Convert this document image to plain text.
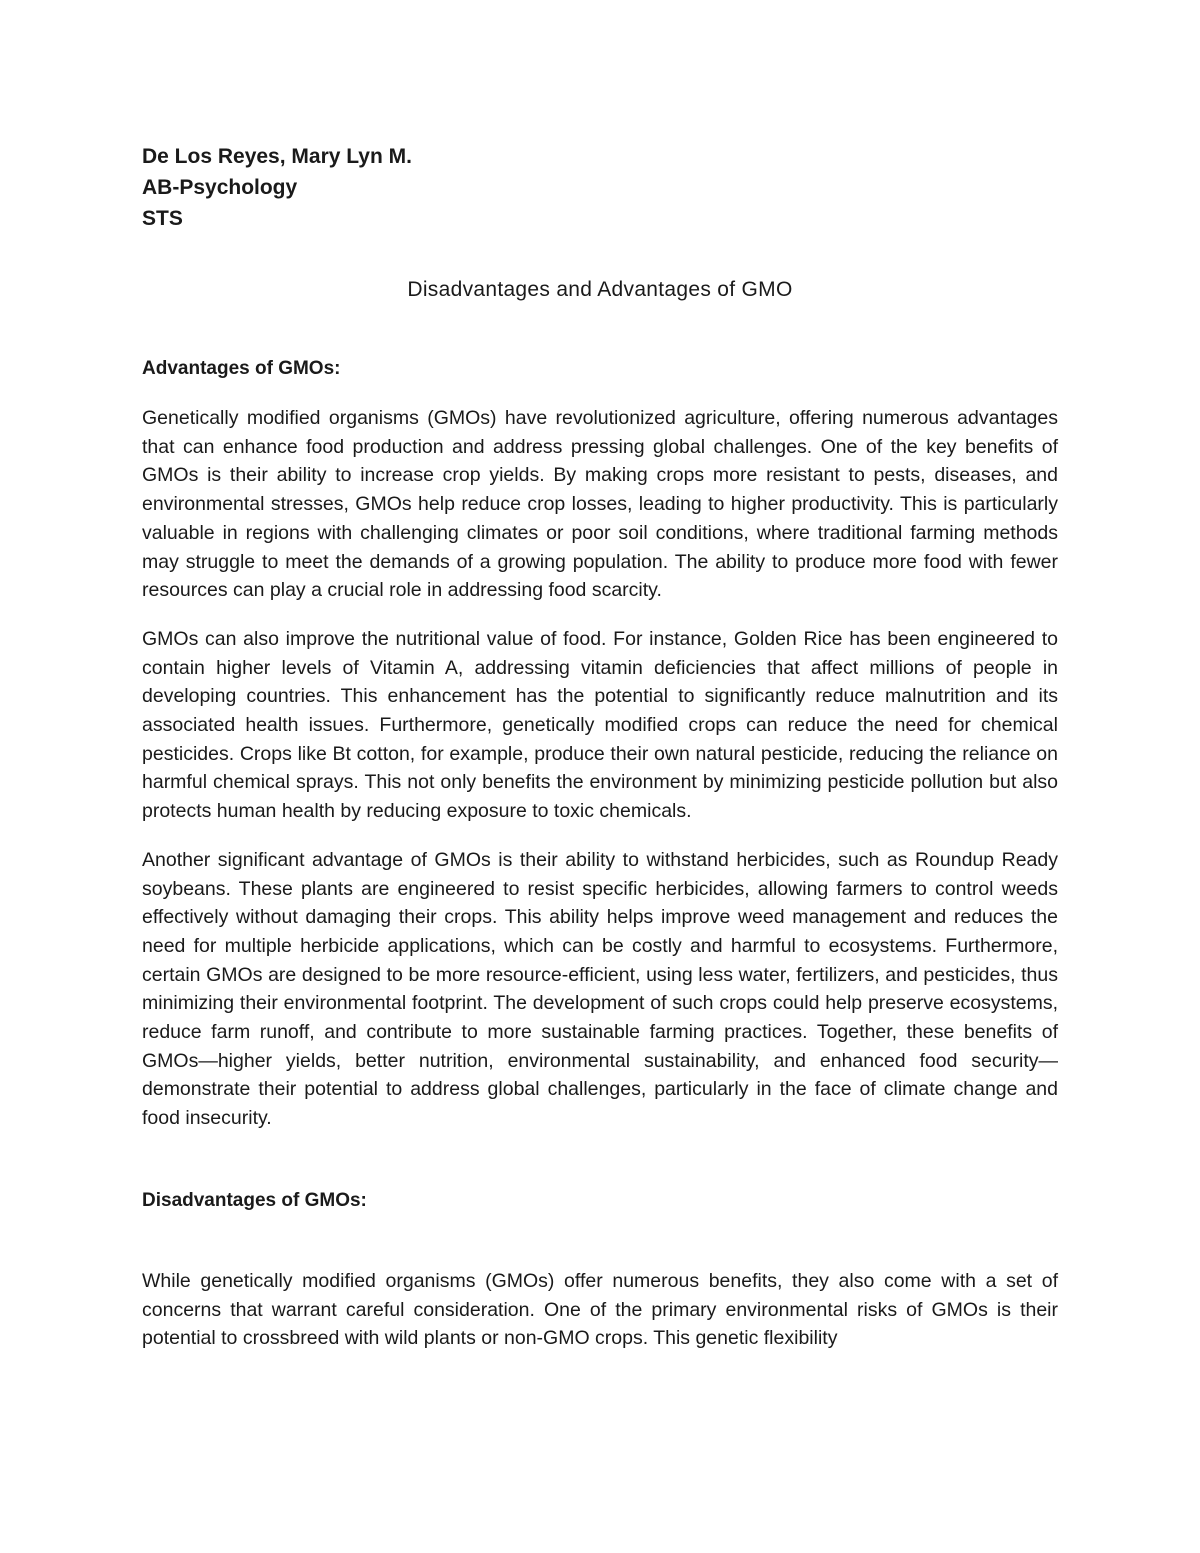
De Los Reyes, Mary Lyn M.

AB-Psychology

STS

Disadvantages and Advantages of GMO
Advantages of GMOs:

Genetically modified organisms (GMOs) have revolutionized agriculture, offering numerous advantages that can enhance food production and address pressing global challenges. One of the key benefits of GMOs is their ability to increase crop yields. By making crops more resistant to pests, diseases, and environmental stresses, GMOs help reduce crop losses, leading to higher productivity. This is particularly valuable in regions with challenging climates or poor soil conditions, where traditional farming methods may struggle to meet the demands of a growing population. The ability to produce more food with fewer resources can play a crucial role in addressing food scarcity.

GMOs can also improve the nutritional value of food. For instance, Golden Rice has been engineered to contain higher levels of Vitamin A, addressing vitamin deficiencies that affect millions of people in developing countries. This enhancement has the potential to significantly reduce malnutrition and its associated health issues. Furthermore, genetically modified crops can reduce the need for chemical pesticides. Crops like Bt cotton, for example, produce their own natural pesticide, reducing the reliance on harmful chemical sprays. This not only benefits the environment by minimizing pesticide pollution but also protects human health by reducing exposure to toxic chemicals.

Another significant advantage of GMOs is their ability to withstand herbicides, such as Roundup Ready soybeans. These plants are engineered to resist specific herbicides, allowing farmers to control weeds effectively without damaging their crops. This ability helps improve weed management and reduces the need for multiple herbicide applications, which can be costly and harmful to ecosystems. Furthermore, certain GMOs are designed to be more resource-efficient, using less water, fertilizers, and pesticides, thus minimizing their environmental footprint. The development of such crops could help preserve ecosystems, reduce farm runoff, and contribute to more sustainable farming practices. Together, these benefits of GMOs—higher yields, better nutrition, environmental sustainability, and enhanced food security—demonstrate their potential to address global challenges, particularly in the face of climate change and food insecurity.

Disadvantages of GMOs:

While genetically modified organisms (GMOs) offer numerous benefits, they also come with a set of concerns that warrant careful consideration. One of the primary environmental risks of GMOs is their potential to crossbreed with wild plants or non-GMO crops. This genetic flexibility
